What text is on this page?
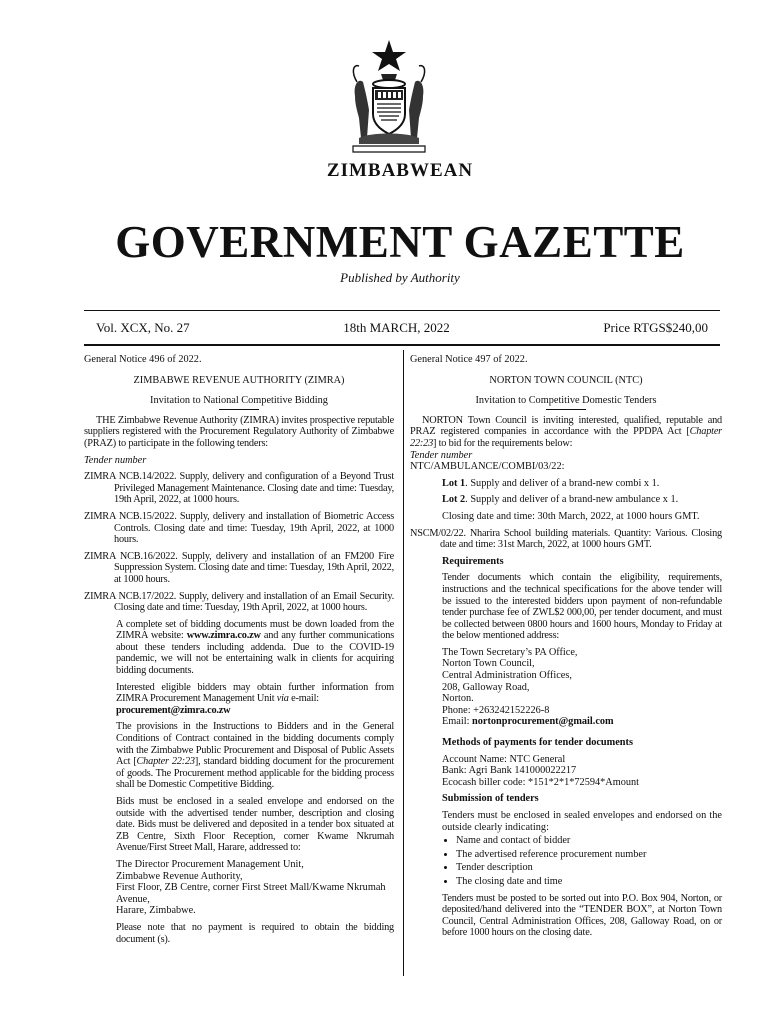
ZIMBABWEAN
GOVERNMENT GAZETTE
Published by Authority
Vol. XCX, No. 27	18th MARCH, 2022	Price RTGS$240,00

General Notice 496 of 2022.

ZIMBABWE REVENUE AUTHORITY (ZIMRA)

Invitation to National Competitive Bidding

THE Zimbabwe Revenue Authority (ZIMRA) invites prospective reputable suppliers registered with the Procurement Regulatory Authority of Zimbabwe (PRAZ) to participate in the following tenders:

Tender number

ZIMRA NCB.14/2022. Supply, delivery and configuration of a Beyond Trust Privileged Management Maintenance. Closing date and time: Tuesday, 19th April, 2022, at 1000 hours.

ZIMRA NCB.15/2022. Supply, delivery and installation of Biometric Access Controls. Closing date and time: Tuesday, 19th April, 2022, at 1000 hours.

ZIMRA NCB.16/2022. Supply, delivery and installation of an FM200 Fire Suppression System. Closing date and time: Tuesday, 19th April, 2022, at 1000 hours.

ZIMRA NCB.17/2022. Supply, delivery and installation of an Email Security. Closing date and time: Tuesday, 19th April, 2022, at 1000 hours.

A complete set of bidding documents must be down loaded from the ZIMRA website: www.zimra.co.zw and any further communications about these tenders including addenda. Due to the COVID-19 pandemic, we will not be entertaining walk in clients for acquiring bidding documents.

Interested eligible bidders may obtain further information from ZIMRA Procurement Management Unit via e-mail:
procurement@zimra.co.zw

The provisions in the Instructions to Bidders and in the General Conditions of Contract contained in the bidding documents comply with the Zimbabwe Public Procurement and Disposal of Public Assets Act [Chapter 22:23], standard bidding document for the procurement of goods. The Procurement method applicable for the bidding process shall be Domestic Competitive Bidding.

Bids must be enclosed in a sealed envelope and endorsed on the outside with the advertised tender number, description and closing date. Bids must be delivered and deposited in a tender box situated at ZB Centre, Sixth Floor Reception, corner Kwame Nkrumah Avenue/First Street Mall, Harare, addressed to:

The Director Procurement Management Unit,

Zimbabwe Revenue Authority,

First Floor, ZB Centre, corner First Street Mall/Kwame Nkrumah Avenue,

Harare, Zimbabwe.

Please note that no payment is required to obtain the bidding document (s).

General Notice 497 of 2022.

NORTON TOWN COUNCIL (NTC)

Invitation to Competitive Domestic Tenders

NORTON Town Council is inviting interested, qualified, reputable and PRAZ registered companies in accordance with the PPDPA Act [Chapter 22:23] to bid for the requirements below:

Tender number

NTC/AMBULANCE/COMBI/03/22:

Lot 1. Supply and deliver of a brand-new combi x 1.

Lot 2. Supply and deliver of a brand-new ambulance x 1.

Closing date and time: 30th March, 2022, at 1000 hours GMT.

NSCM/02/22. Nharira School building materials. Quantity: Various. Closing date and time: 31st March, 2022, at 1000 hours GMT.

Requirements

Tender documents which contain the eligibility, requirements, instructions and the technical specifications for the above tender will be issued to the interested bidders upon payment of non-refundable tender purchase fee of ZWL$2 000,00, per tender document, and must be collected between 0800 hours and 1600 hours, Monday to Friday at the below mentioned address:

The Town Secretary’s PA Office,

Norton Town Council,

Central Administration Offices,

208, Galloway Road,

Norton.

Phone: +263242152226-8

Email: nortonprocurement@gmail.com

Methods of payments for tender documents

Account Name: NTC General

Bank: Agri Bank 141000022217

Ecocash biller code: *151*2*1*72594*Amount

Submission of tenders

Tenders must be enclosed in sealed envelopes and endorsed on the outside clearly indicating:

• Name and contact of bidder
• The advertised reference procurement number
• Tender description
• The closing date and time

Tenders must be posted to be sorted out into P.O. Box 904, Norton, or deposited/hand delivered into the “TENDER BOX”, at Norton Town Council, Central Administration Offices, 208, Galloway Road, on or before 1000 hours on the closing date.
